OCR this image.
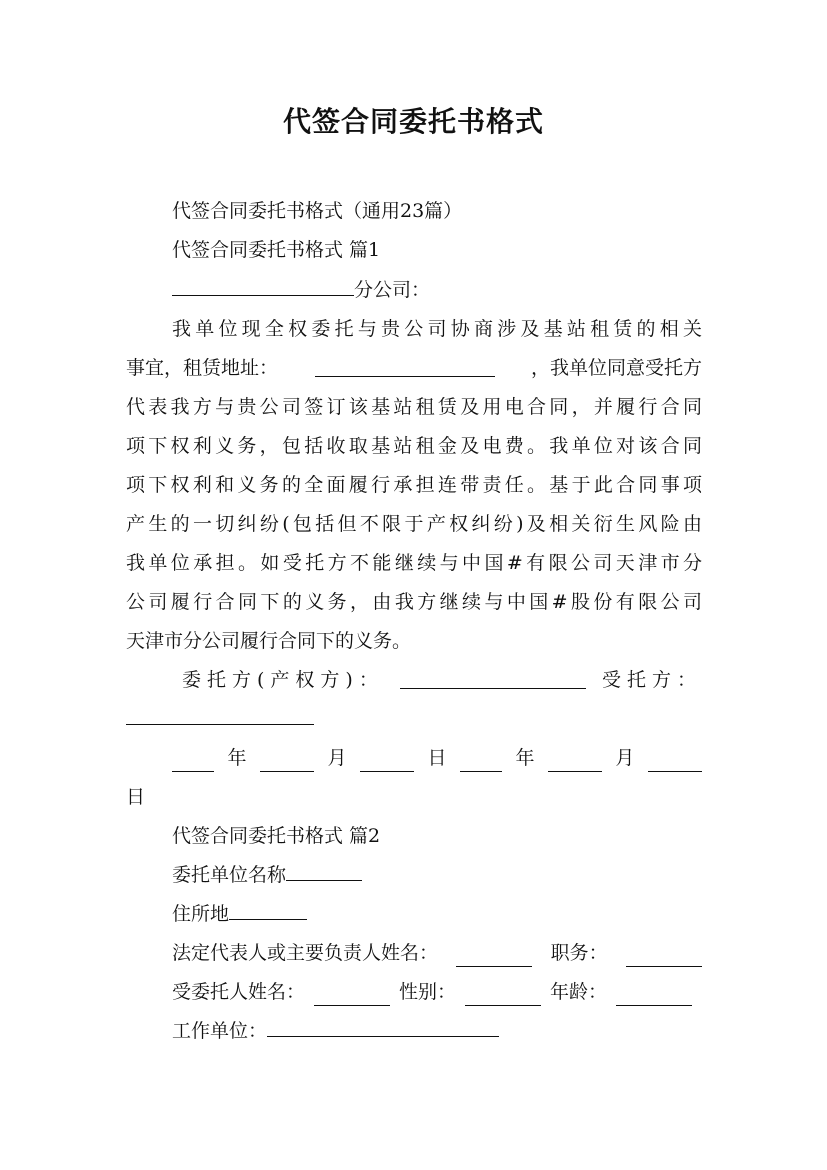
代签合同委托书格式
代签合同委托书格式（通用23篇）
代签合同委托书格式 篇1
分公司：
我单位现全权委托与贵公司协商涉及基站租赁的相关
事宜，租赁地址：	，我单位同意受托方
代表我方与贵公司签订该基站租赁及用电合同，并履行合同
项下权利义务，包括收取基站租金及电费。我单位对该合同
项下权利和义务的全面履行承担连带责任。基于此合同事项
产生的一切纠纷(包括但不限于产权纠纷)及相关衍生风险由
我单位承担。如受托方不能继续与中国#有限公司天津市分
公司履行合同下的义务，由我方继续与中国#股份有限公司
天津市分公司履行合同下的义务。
委托方(产权方)：	受托方：
年	月	日	年	月
日
代签合同委托书格式 篇2
委托单位名称
住所地
法定代表人或主要负责人姓名：	职务：
受委托人姓名：	性别：	年龄：
工作单位：
